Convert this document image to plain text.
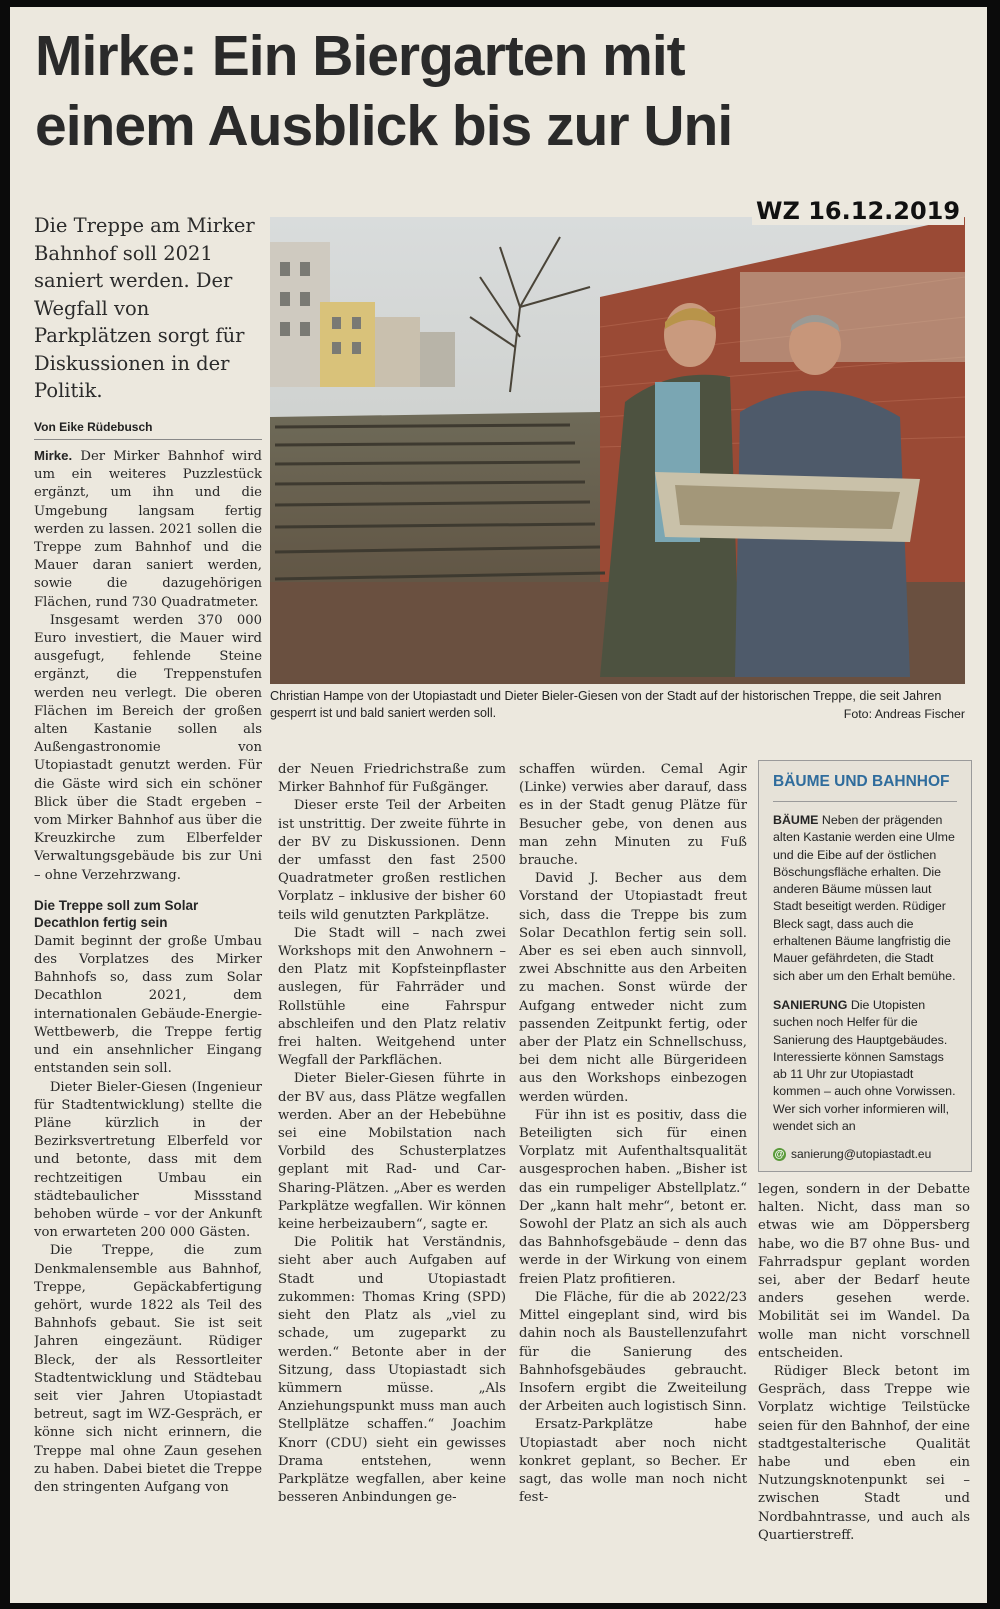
Mirke: Ein Biergarten mit
einem Ausblick bis zur Uni

Die Treppe am Mirker Bahnhof soll 2021 saniert werden. Der Wegfall von Parkplätzen sorgt für Diskussionen in der Politik.

Von Eike Rüdebusch
WZ 16.12.2019

Christian Hampe von der Utopiastadt und Dieter Bieler-Giesen von der Stadt auf der historischen Treppe, die seit Jahren gesperrt ist und bald saniert werden soll.	Foto: Andreas Fischer

Mirke. Der Mirker Bahnhof wird um ein weiteres Puzzlestück ergänzt, um ihn und die Umgebung langsam fertig werden zu lassen. 2021 sollen die Treppe zum Bahnhof und die Mauer daran saniert werden, sowie die dazugehörigen Flächen, rund 730 Quadratmeter.

Insgesamt werden 370 000 Euro investiert, die Mauer wird ausgefugt, fehlende Steine ergänzt, die Treppenstufen werden neu verlegt. Die oberen Flächen im Bereich der großen alten Kastanie sollen als Außengastronomie von Utopiastadt genutzt werden. Für die Gäste wird sich ein schöner Blick über die Stadt ergeben – vom Mirker Bahnhof aus über die Kreuzkirche zum Elberfelder Verwaltungsgebäude bis zur Uni – ohne Verzehrzwang.

Die Treppe soll zum Solar Decathlon fertig sein

Damit beginnt der große Umbau des Vorplatzes des Mirker Bahnhofs so, dass zum Solar Decathlon 2021, dem internationalen Gebäude-Energie-Wettbewerb, die Treppe fertig und ein ansehnlicher Eingang entstanden sein soll.

Dieter Bieler-Giesen (Ingenieur für Stadtentwicklung) stellte die Pläne kürzlich in der Bezirksvertretung Elberfeld vor und betonte, dass mit dem rechtzeitigen Umbau ein städtebaulicher Missstand behoben würde – vor der Ankunft von erwarteten 200 000 Gästen.

Die Treppe, die zum Denkmalensemble aus Bahnhof, Treppe, Gepäckabfertigung gehört, wurde 1822 als Teil des Bahnhofs gebaut. Sie ist seit Jahren eingezäunt. Rüdiger Bleck, der als Ressortleiter Stadtentwicklung und Städtebau seit vier Jahren Utopiastadt betreut, sagt im WZ-Gespräch, er könne sich nicht erinnern, die Treppe mal ohne Zaun gesehen zu haben. Dabei bietet die Treppe den stringenten Aufgang von

der Neuen Friedrichstraße zum Mirker Bahnhof für Fußgänger.

Dieser erste Teil der Arbeiten ist unstrittig. Der zweite führte in der BV zu Diskussionen. Denn der umfasst den fast 2500 Quadratmeter großen restlichen Vorplatz – inklusive der bisher 60 teils wild genutzten Parkplätze.

Die Stadt will – nach zwei Workshops mit den Anwohnern – den Platz mit Kopfsteinpflaster auslegen, für Fahrräder und Rollstühle eine Fahrspur abschleifen und den Platz relativ frei halten. Weitgehend unter Wegfall der Parkflächen.

Dieter Bieler-Giesen führte in der BV aus, dass Plätze wegfallen werden. Aber an der Hebebühne sei eine Mobilstation nach Vorbild des Schusterplatzes geplant mit Rad- und Car-Sharing-Plätzen. „Aber es werden Parkplätze wegfallen. Wir können keine herbeizaubern“, sagte er.

Die Politik hat Verständnis, sieht aber auch Aufgaben auf Stadt und Utopiastadt zukommen: Thomas Kring (SPD) sieht den Platz als „viel zu schade, um zugeparkt zu werden.“ Betonte aber in der Sitzung, dass Utopiastadt sich kümmern müsse. „Als Anziehungspunkt muss man auch Stellplätze schaffen.“ Joachim Knorr (CDU) sieht ein gewisses Drama entstehen, wenn Parkplätze wegfallen, aber keine besseren Anbindungen ge-

schaffen würden. Cemal Agir (Linke) verwies aber darauf, dass es in der Stadt genug Plätze für Besucher gebe, von denen aus man zehn Minuten zu Fuß brauche.

David J. Becher aus dem Vorstand der Utopiastadt freut sich, dass die Treppe bis zum Solar Decathlon fertig sein soll. Aber es sei eben auch sinnvoll, zwei Abschnitte aus den Arbeiten zu machen. Sonst würde der Aufgang entweder nicht zum passenden Zeitpunkt fertig, oder aber der Platz ein Schnellschuss, bei dem nicht alle Bürgerideen aus den Workshops einbezogen werden würden.

Für ihn ist es positiv, dass die Beteiligten sich für einen Vorplatz mit Aufenthaltsqualität ausgesprochen haben. „Bisher ist das ein rumpeliger Abstellplatz.“ Der „kann halt mehr“, betont er. Sowohl der Platz an sich als auch das Bahnhofsgebäude – denn das werde in der Wirkung von einem freien Platz profitieren.

Die Fläche, für die ab 2022/23 Mittel eingeplant sind, wird bis dahin noch als Baustellenzufahrt für die Sanierung des Bahnhofsgebäudes gebraucht. Insofern ergibt die Zweiteilung der Arbeiten auch logistisch Sinn.

Ersatz-Parkplätze habe Utopiastadt aber noch nicht konkret geplant, so Becher. Er sagt, das wolle man noch nicht fest-

BÄUME UND BAHNHOF

BÄUME Neben der prägenden alten Kastanie werden eine Ulme und die Eibe auf der östlichen Böschungsfläche erhalten. Die anderen Bäume müssen laut Stadt beseitigt werden. Rüdiger Bleck sagt, dass auch die erhaltenen Bäume langfristig die Mauer gefährdeten, die Stadt sich aber um den Erhalt bemühe.

SANIERUNG Die Utopisten suchen noch Helfer für die Sanierung des Hauptgebäudes. Interessierte können Samstags ab 11 Uhr zur Utopiastadt kommen – auch ohne Vorwissen. Wer sich vorher informieren will, wendet sich an

@ sanierung@utopiastadt.eu

legen, sondern in der Debatte halten. Nicht, dass man so etwas wie am Döppersberg habe, wo die B7 ohne Bus- und Fahrradspur geplant worden sei, aber der Bedarf heute anders gesehen werde. Mobilität sei im Wandel. Da wolle man nicht vorschnell entscheiden.

Rüdiger Bleck betont im Gespräch, dass Treppe wie Vorplatz wichtige Teilstücke seien für den Bahnhof, der eine stadtgestalterische Qualität habe und eben ein Nutzungsknotenpunkt sei – zwischen Stadt und Nordbahntrasse, und auch als Quartierstreff.
